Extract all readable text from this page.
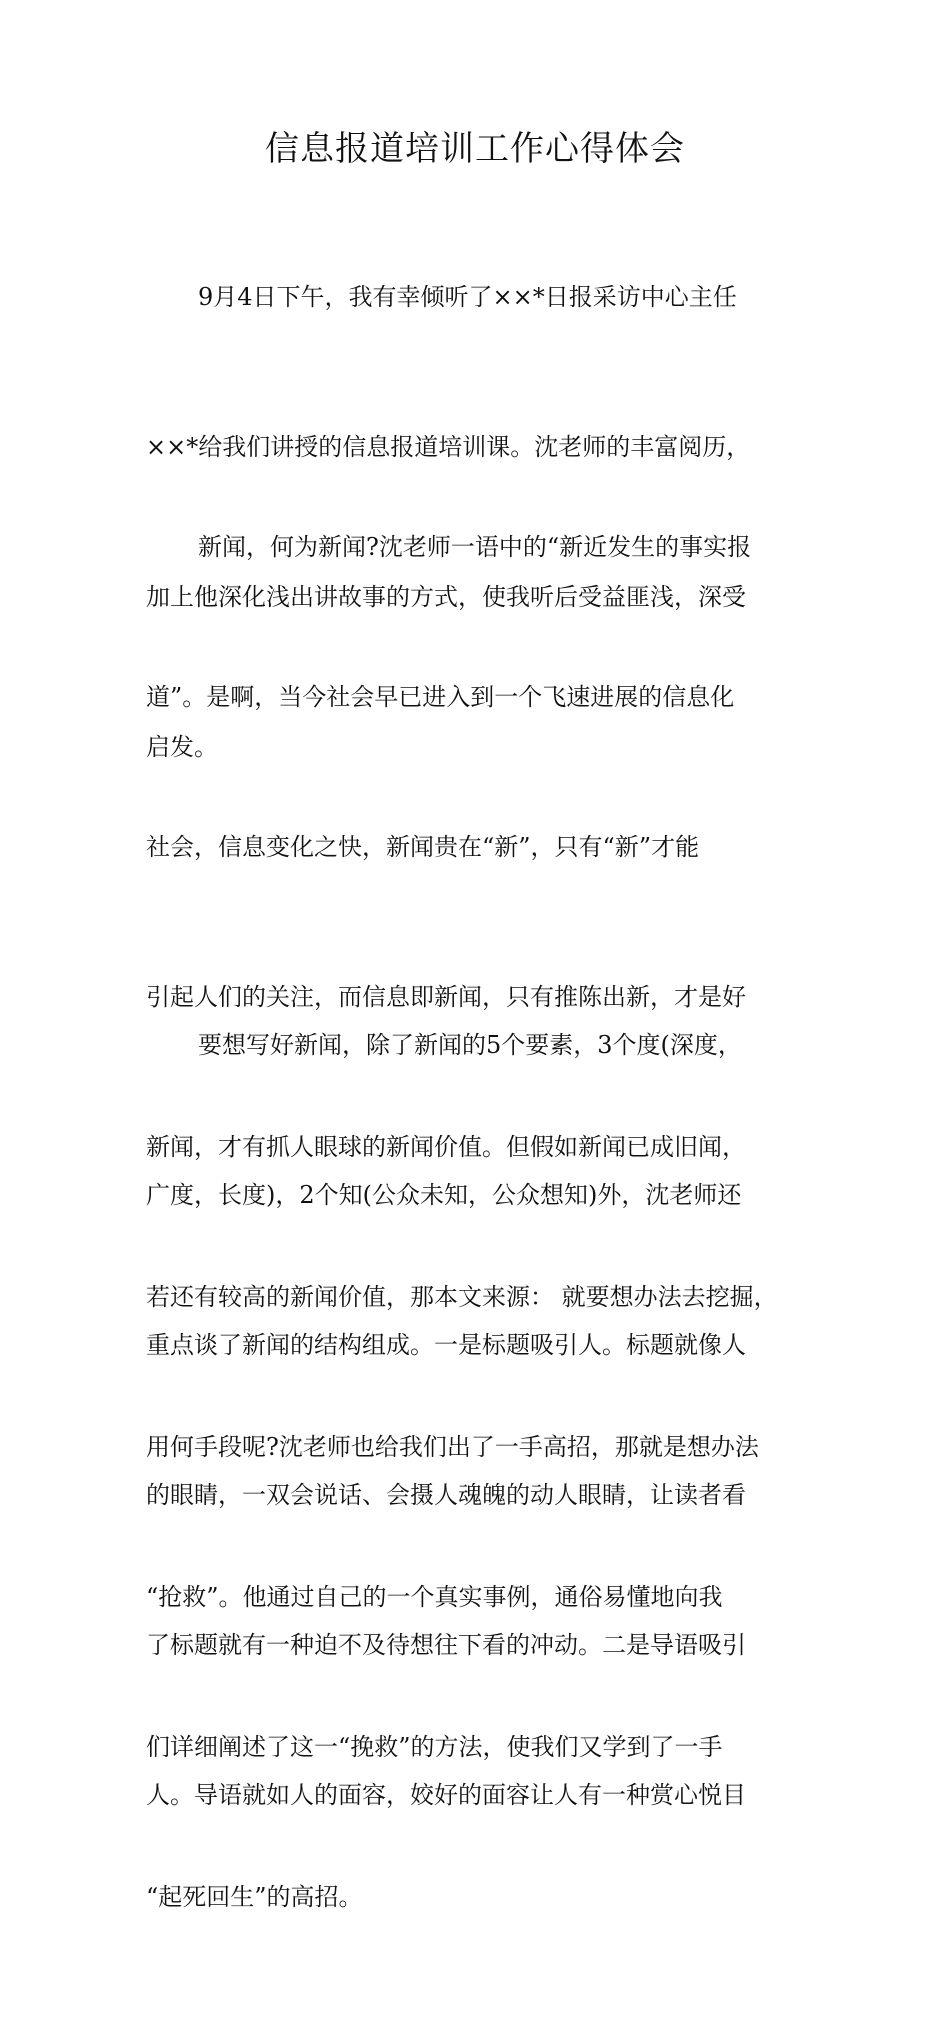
信息报道培训工作心得体会

9月4日下午，我有幸倾听了××*日报采访中心主任

××*给我们讲授的信息报道培训课。沈老师的丰富阅历，

加上他深化浅出讲故事的方式，使我听后受益匪浅，深受

启发。

新闻，何为新闻?沈老师一语中的“新近发生的事实报

道”。是啊，当今社会早已进入到一个飞速进展的信息化

社会，信息变化之快，新闻贵在“新”，只有“新”才能

引起人们的关注，而信息即新闻，只有推陈出新，才是好

新闻，才有抓人眼球的新闻价值。但假如新闻已成旧闻，

若还有较高的新闻价值，那本文来源： 就要想办法去挖掘，

用何手段呢?沈老师也给我们出了一手高招，那就是想办法

“抢救”。他通过自己的一个真实事例，通俗易懂地向我

们详细阐述了这一“挽救”的方法，使我们又学到了一手

“起死回生”的高招。

要想写好新闻，除了新闻的5个要素，3个度(深度，

广度，长度)，2个知(公众未知，公众想知)外，沈老师还

重点谈了新闻的结构组成。一是标题吸引人。标题就像人

的眼睛，一双会说话、会摄人魂魄的动人眼睛，让读者看

了标题就有一种迫不及待想往下看的冲动。二是导语吸引

人。导语就如人的面容，姣好的面容让人有一种赏心悦目
